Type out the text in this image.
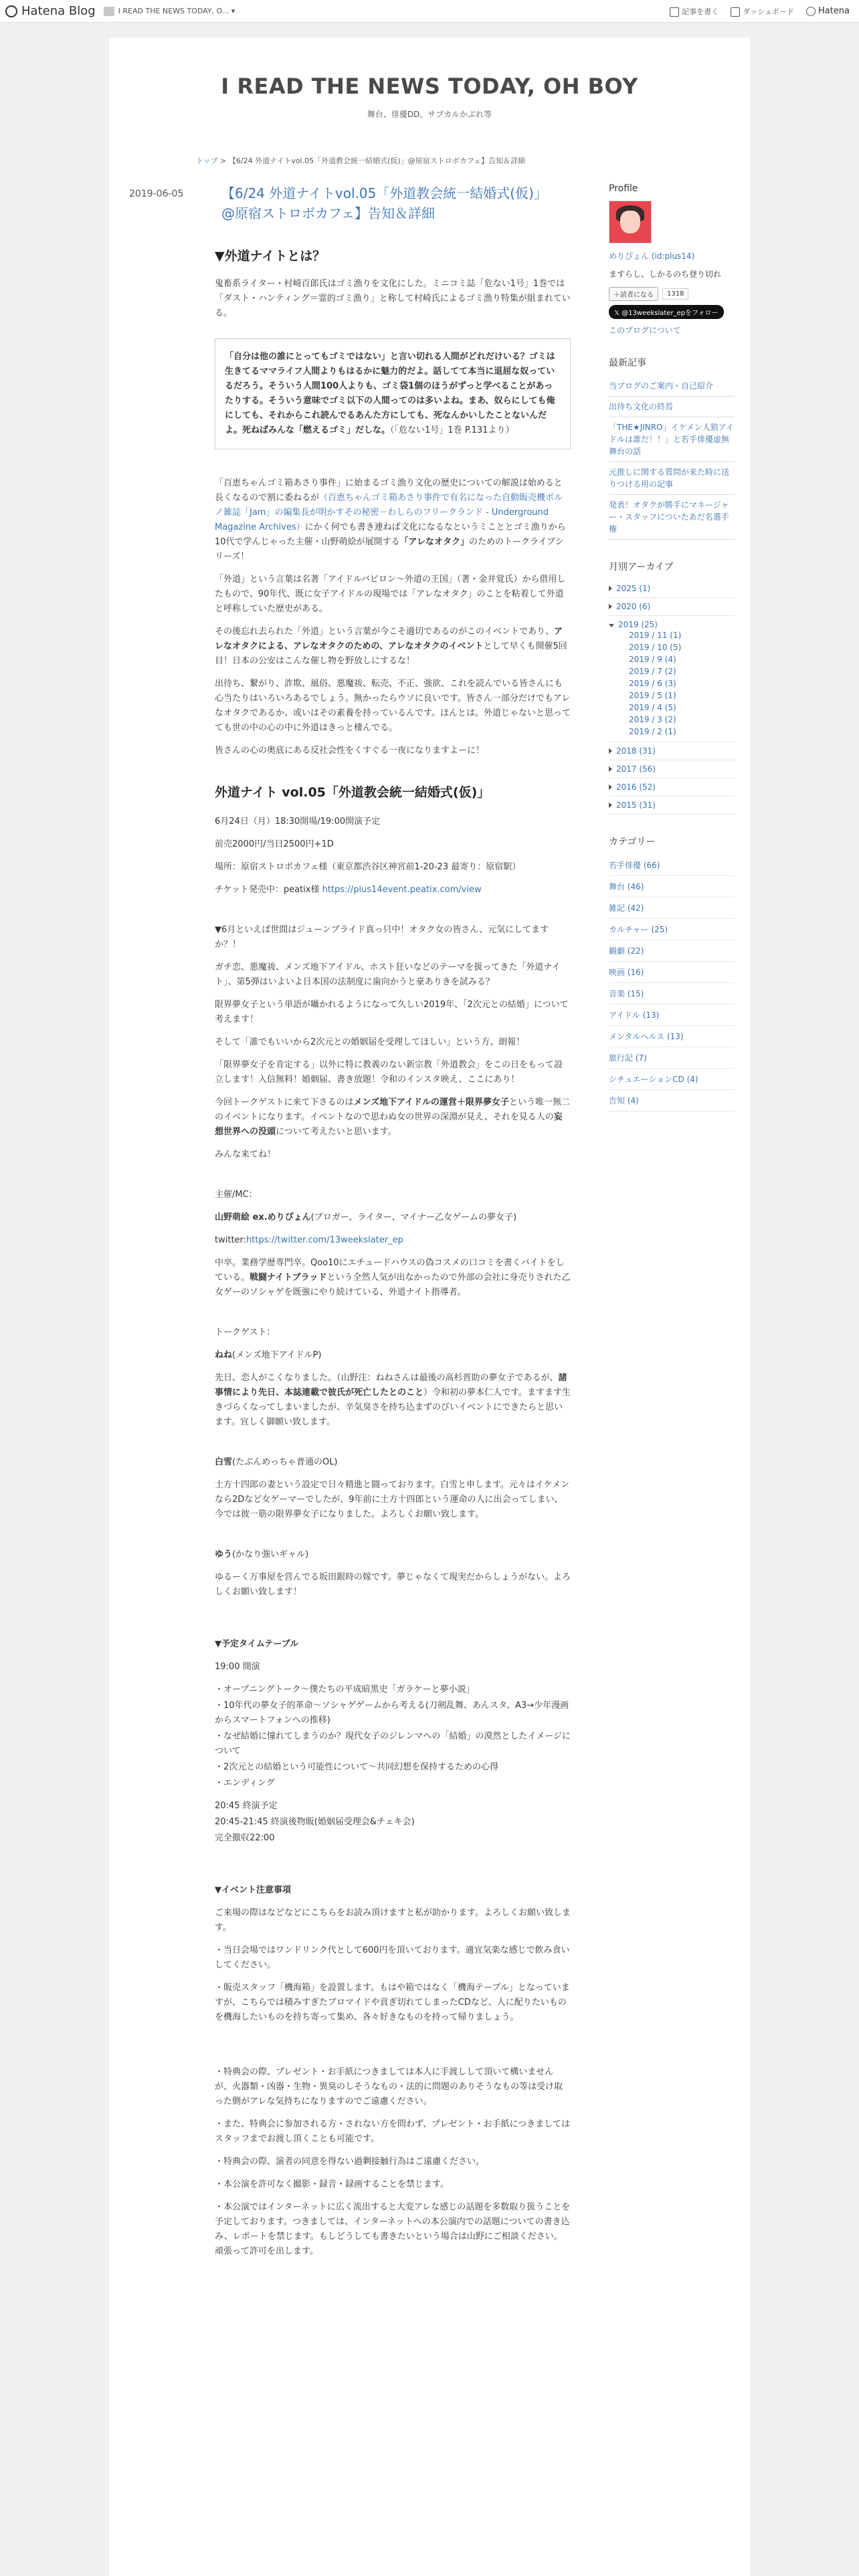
Hatena Blog	I READ THE NEWS TODAY, O... ▾	記事を書く	ダッシュボード	Hatena
I READ THE NEWS TODAY, OH BOY
舞台、俳優DD。サブカルかぶれ等
トップ > 【6/24 外道ナイトvol.05「外道教会統一結婚式(仮)」@原宿ストロボカフェ】告知＆詳細
2019-06-05	【6/24 外道ナイトvol.05「外道教会統一結婚式(仮)」@原宿ストロボカフェ】告知＆詳細
▼外道ナイトとは？

鬼畜系ライター・村崎百郎氏はゴミ漁りを文化にした。ミニコミ誌「危ない1号」1巻では「ダスト・ハンティング＝霊的ゴミ漁り」と称して村崎氏によるゴミ漁り特集が組まれている。

「自分は他の誰にとってもゴミではない」と言い切れる人間がどれだけいる？ゴミは生きてるママライフ人間よりもはるかに魅力的だよ。話してて本当に退屈な奴っているだろう。そういう人間100人よりも、ゴミ袋1個のほうがずっと学べることがあったりする。そういう意味でゴミ以下の人間ってのは多いよね。まあ、奴らにしても俺にしても、それからこれ読んでるあんた方にしても、死なんかいしたことないんだよ。死ねばみんな「燃えるゴミ」だしな。（「危ない1号」1巻 P.131より）

「百恵ちゃんゴミ箱あさり事件」に始まるゴミ漁り文化の歴史についての解説は始めると長くなるので割に委ねるが（百恵ちゃんゴミ箱あさり事件で有名になった自動販売機ポルノ雑誌「Jam」の編集長が明かすその秘密－わしらのフリークランド - Underground Magazine Archives）にかく何でも書き連ねば文化になるなというミこととゴミ漁りから10代で学んじゃった主催・山野萌絵が展開する「アレなオタク」のためのトークライブシリーズ！

「外道」という言葉は名著「アイドルバビロン～外道の王国」（著・金井覚氏）から借用したもので、90年代、既に女子アイドルの現場では「アレなオタク」のことを粘着して外道と呼称していた歴史がある。

その後忘れ去られた「外道」という言葉が今こそ適切であるのがこのイベントであり、アレなオタクによる、アレなオタクのための、アレなオタクのイベントとして早くも開催5回目！日本の公安はこんな催し物を野放しにするな！

出待ち、繋がり、詐欺、風俗、悪魔祓、転売、不正、強欲、これを読んでいる皆さんにも心当たりはいろいろあるでしょう。無かったらウソに良いです。皆さん一部分だけでもアレなオタクであるか、或いはその素養を持っているんです。ほんとは。外道じゃないと思ってても世の中の心の中に外道はきっと棲んでる。

皆さんの心の奥底にある反社会性をくすぐる一夜になりますよーに！

外道ナイト vol.05「外道教会統一結婚式(仮)」

6月24日（月）18:30開場/19:00開演予定

前売2000円/当日2500円+1D

場所：原宿ストロボカフェ様（東京都渋谷区神宮前1-20-23 最寄り：原宿駅）

チケット発売中：peatix様 https://plus14event.peatix.com/view

▼6月といえば世間はジューンブライド真っ只中！オタク女の皆さん、元気にしてますか？！

ガチ恋、悪魔祓、メンズ地下アイドル、ホスト狂いなどのテーマを扱ってきた「外道ナイト」、第5弾はいよいよ日本国の法制度に歯向かうと豪ありきを試みる？

限界夢女子という単語が囁かれるようになって久しい2019年、「2次元との結婚」について考えます！

そして「誰でもいいから2次元との婚姻届を受理してほしい」という方、朗報！

「限界夢女子を肯定する」以外に特に教義のない新宗教「外道教会」をこの日をもって設立します！入信無料！婚姻届、書き放題！令和のインスタ映え、ここにあり！

今回トークゲストに来て下さるのはメンズ地下アイドルの運営＋限界夢女子という唯一無二のイベントになります。イベントなので思わぬ女の世界の深淵が見え、それを見る人の妄想世界への没頭について考えたいと思います。

みんな来てね！

主催/MC：

山野萌絵 ex.めりぴょん(ブロガー、ライター、マイナー乙女ゲームの夢女子)

twitter:https://twitter.com/13weekslater_ep

中卒。業務学歴専門卒。Qoo10にエチュードハウスの偽コスメの口コミを書くバイトをしている。戦闘ナイトブラッドという全然人気が出なかったので外部の会社に身売りされた乙女ゲーのソシャゲを既強にやり続けている、外道ナイト指導者。

トークゲスト：

ねね(メンズ地下アイドルP)

先日、恋人がこくなりました。（山野注：ねねさんは最後の高杉晋助の夢女子であるが、諸事情により先日、本誌連載で彼氏が死亡したとのこと）令和初の夢本仁人です。ますます生きづらくなってしまいましたが、辛気臭さを持ち込まずのびいイベントにできたらと思います。宜しく御願い致します。

白雪(たぶんめっちゃ普通のOL)

土方十四郎の妻という設定で日々精進と闘っております。白雪と申します。元々はイケメンなら2Dなど女ゲーマーでしたが、9年前に土方十四郎という運命の人に出会ってしまい、今では彼一筋の限界夢女子になりました。よろしくお願い致します。

ゆう(かなり強いギャル)

ゆるーく万事屋を営んでる坂田銀時の嫁です。夢じゃなくて現実だからしょうがない。よろしくお願い致します！

▼予定タイムテーブル

19:00 開演

・オープニングトーク〜僕たちの平成暗黒史「ガラケーと夢小説」

・10年代の夢女子的革命〜ソシャゲゲームから考える(刀剣乱舞、あんスタ、A3→少年漫画からスマートフォンへの推移)

・なぜ結婚に憧れてしまうのか？現代女子のジレンマへの「結婚」の漠然としたイメージについて

・2次元との結婚という可能性について〜共同幻想を保持するための心得

・エンディング

20:45 終演予定

20:45-21:45 終演後物販(婚姻届受理会&チェキ会)

完全撤収22:00

▼イベント注意事項

ご来場の際はなどなどにこちらをお読み頂けますと私が助かります。よろしくお願い致します。

・当日会場ではワンドリンク代として600円を頂いております。適宜気楽な感じで飲み食いしてください。

・販売スタッフ「機海箱」を設置します。もはや箱ではなく「機海テーブル」となっていますが、こちらでは積みすぎたブロマイドや貢ぎ切れてしまったCDなど、人に配りたいものを機海したいものを持ち寄って集め、各々好きなものを持って帰りましょう。

・特典会の際、プレゼント・お手紙につきましては本人に手渡しして頂いて構いませんが、火器類・凶器・生物・異臭のしそうなもの・法的に問題のありそうなもの等は受け取った側がアレな気持ちになりますのでご遠慮ください。

・また、特典会に参加される方・されない方を問わず、プレゼント・お手紙につきましてはスタッフまでお渡し頂くことも可能です。

・特典会の際、演者の同意を得ない過剰接触行為はご遠慮ください。

・本公演を許可なく撮影・録音・録画することを禁じます。

・本公演ではインターネットに広く流出すると大変アレな感じの話題を多数取り扱うことを予定しております。つきましては、インターネットへの本公演内での話題についての書き込み、レポートを禁じます。もしどうしても書きたいという場合は山野にご相談ください。頑張って許可を出します。

Profile
めりぴょん (id:plus14)
ますらし、しかるのち登り切れ
＋読者になる	1318
𝕏 @13weekslater_epをフォロー
このブログについて
最新記事
当ブログのご案内・自己紹介
出待ち文化の終焉
「THE★JINRO」イケメン人狼アイドルは誰だ！！」と若手俳優虚無舞台の話
元推しに関する質問が来た時に送りつける用の記事
発表！オタクが勝手にマネージャー・スタッフについたあだ名選手権
月別アーカイブ
2025 (1)
2020 (6)
2019 (25)
2019 / 11 (1)
2019 / 10 (5)
2019 / 9 (4)
2019 / 7 (2)
2019 / 6 (3)
2019 / 5 (1)
2019 / 4 (5)
2019 / 3 (2)
2019 / 2 (1)
2018 (31)
2017 (56)
2016 (52)
2015 (31)
カテゴリー
若手俳優 (66)
舞台 (46)
雑記 (42)
カルチャー (25)
観劇 (22)
映画 (16)
音楽 (15)
アイドル (13)
メンタルヘルス (13)
旅行記 (7)
シチュエーションCD (4)
告知 (4)
